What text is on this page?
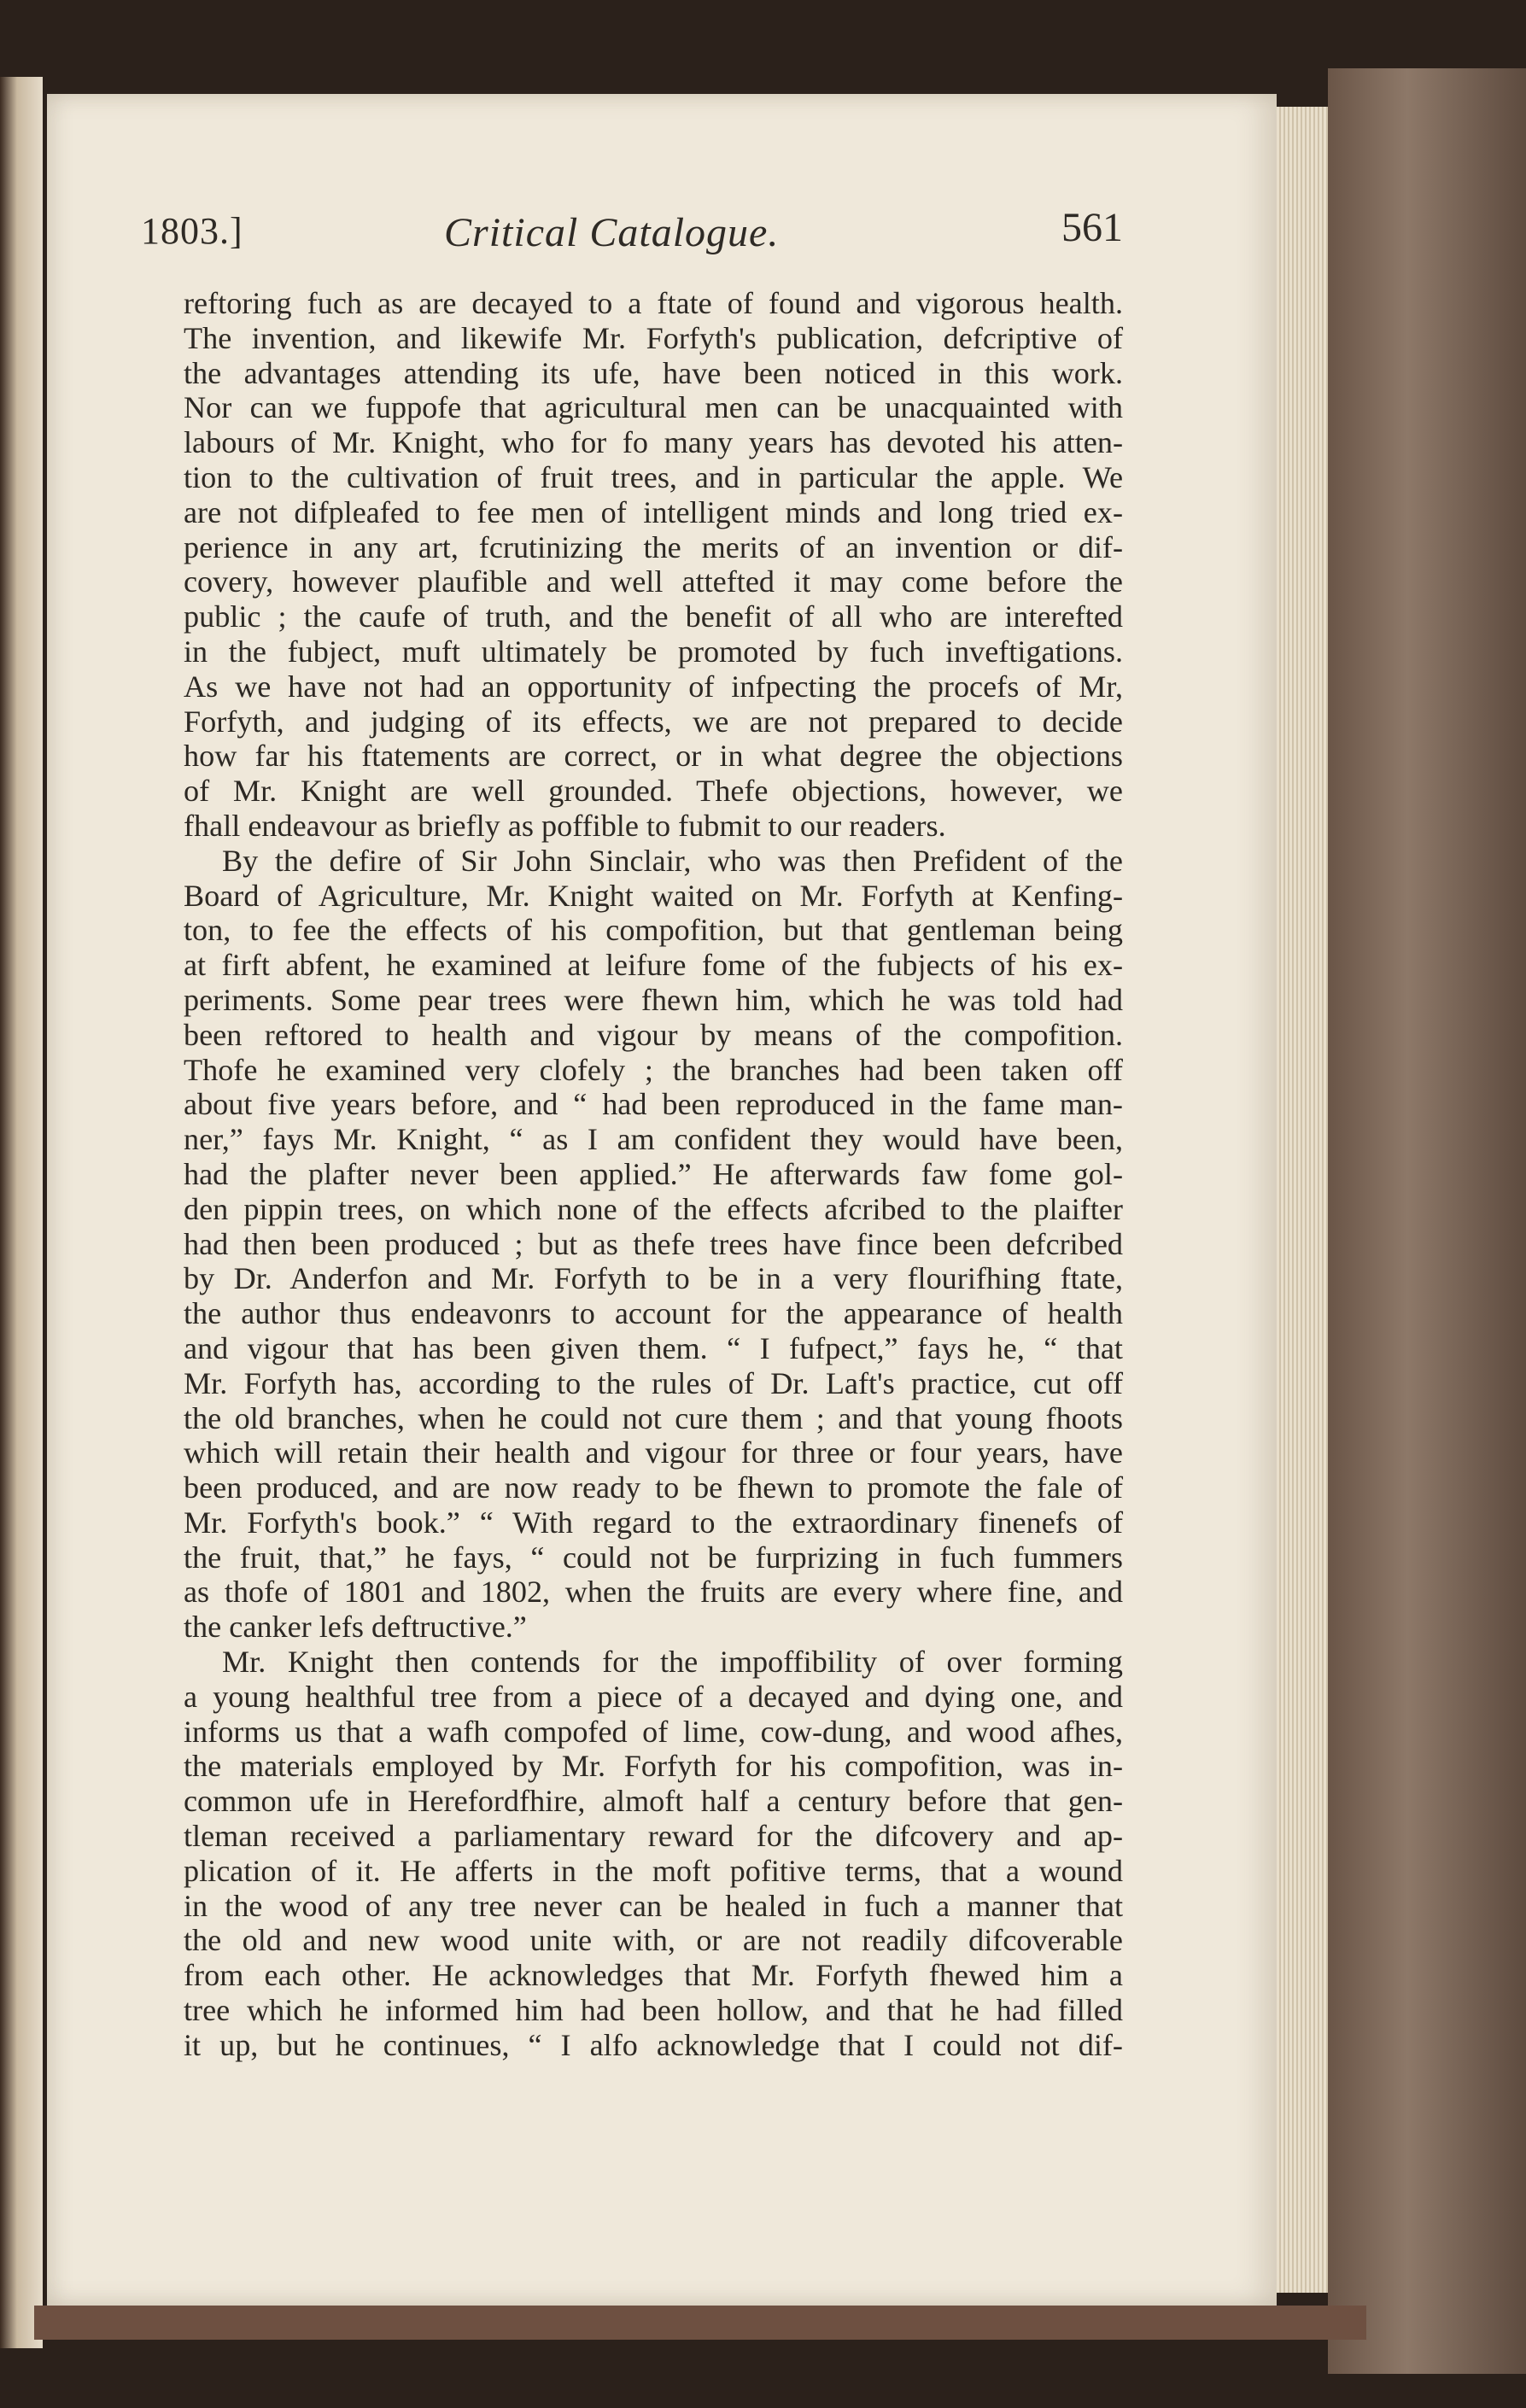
1803.]	Critical Catalogue.	561
reftoring fuch as are decayed to a ftate of found and vigorous health.
The invention, and likewife Mr. Forfyth's publication, defcriptive of
the advantages attending its ufe, have been noticed in this work.
Nor can we fuppofe that agricultural men can be unacquainted with
labours of Mr. Knight, who for fo many years has devoted his atten-
tion to the cultivation of fruit trees, and in particular the apple. We
are not difpleafed to fee men of intelligent minds and long tried ex-
perience in any art, fcrutinizing the merits of an invention or dif-
covery, however plaufible and well attefted it may come before the
public ; the caufe of truth, and the benefit of all who are interefted
in the fubject, muft ultimately be promoted by fuch inveftigations.
As we have not had an opportunity of infpecting the procefs of Mr,
Forfyth, and judging of its effects, we are not prepared to decide
how far his ftatements are correct, or in what degree the objections
of Mr. Knight are well grounded. Thefe objections, however, we
fhall endeavour as briefly as poffible to fubmit to our readers.
By the defire of Sir John Sinclair, who was then Prefident of the
Board of Agriculture, Mr. Knight waited on Mr. Forfyth at Kenfing-
ton, to fee the effects of his compofition, but that gentleman being
at firft abfent, he examined at leifure fome of the fubjects of his ex-
periments. Some pear trees were fhewn him, which he was told had
been reftored to health and vigour by means of the compofition.
Thofe he examined very clofely ; the branches had been taken off
about five years before, and “ had been reproduced in the fame man-
ner,” fays Mr. Knight, “ as I am confident they would have been,
had the plafter never been applied.” He afterwards faw fome gol-
den pippin trees, on which none of the effects afcribed to the plaifter
had then been produced ; but as thefe trees have fince been defcribed
by Dr. Anderfon and Mr. Forfyth to be in a very flourifhing ftate,
the author thus endeavonrs to account for the appearance of health
and vigour that has been given them. “ I fufpect,” fays he, “ that
Mr. Forfyth has, according to the rules of Dr. Laft's practice, cut off
the old branches, when he could not cure them ; and that young fhoots
which will retain their health and vigour for three or four years, have
been produced, and are now ready to be fhewn to promote the fale of
Mr. Forfyth's book.” “ With regard to the extraordinary finenefs of
the fruit, that,” he fays, “ could not be furprizing in fuch fummers
as thofe of 1801 and 1802, when the fruits are every where fine, and
the canker lefs deftructive.”
Mr. Knight then contends for the impoffibility of over forming
a young healthful tree from a piece of a decayed and dying one, and
informs us that a wafh compofed of lime, cow-dung, and wood afhes,
the materials employed by Mr. Forfyth for his compofition, was in-
common ufe in Herefordfhire, almoft half a century before that gen-
tleman received a parliamentary reward for the difcovery and ap-
plication of it. He afferts in the moft pofitive terms, that a wound
in the wood of any tree never can be healed in fuch a manner that
the old and new wood unite with, or are not readily difcoverable
from each other. He acknowledges that Mr. Forfyth fhewed him a
tree which he informed him had been hollow, and that he had filled
it up, but he continues, “ I alfo acknowledge that I could not dif-
